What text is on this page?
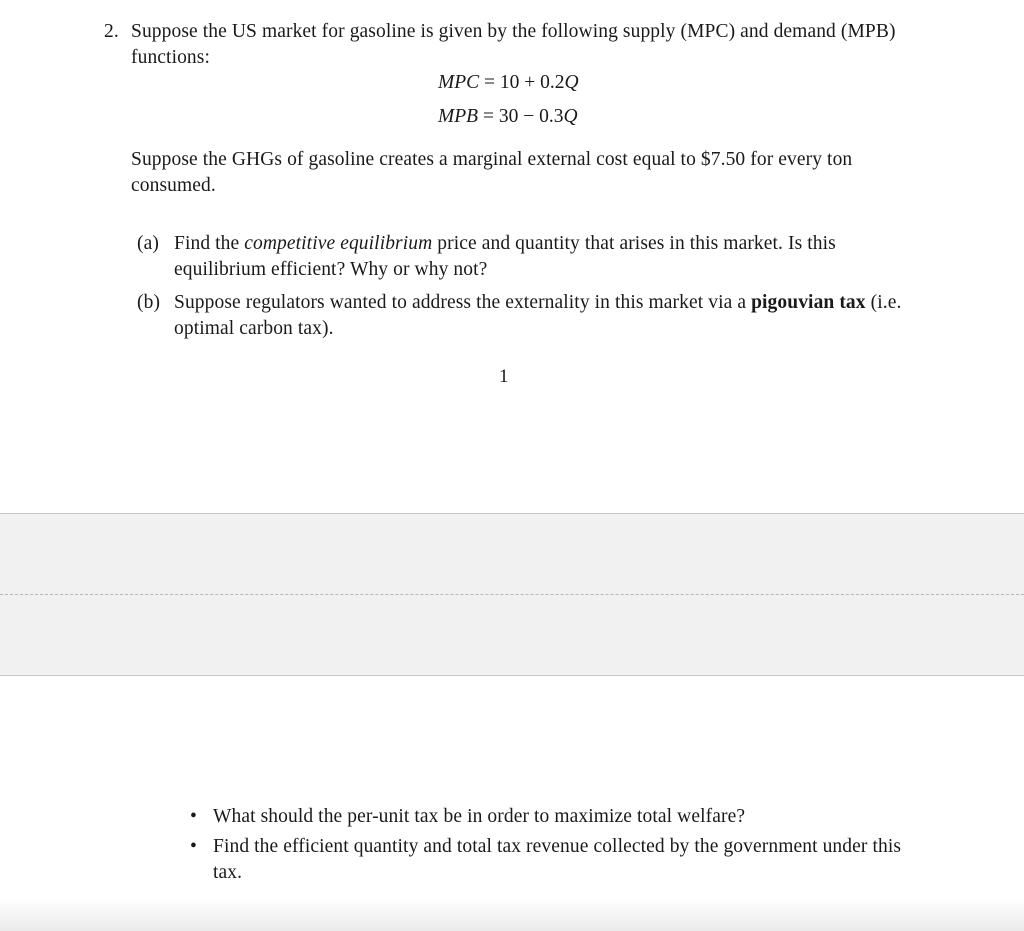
2. Suppose the US market for gasoline is given by the following supply (MPC) and demand (MPB) functions:
MPC = 10 + 0.2Q
MPB = 30 − 0.3Q
Suppose the GHGs of gasoline creates a marginal external cost equal to $7.50 for every ton consumed.
(a) Find the competitive equilibrium price and quantity that arises in this market. Is this equilibrium efficient? Why or why not?
(b) Suppose regulators wanted to address the externality in this market via a pigouvian tax (i.e. optimal carbon tax).
1
• What should the per-unit tax be in order to maximize total welfare?
• Find the efficient quantity and total tax revenue collected by the government under this tax.
